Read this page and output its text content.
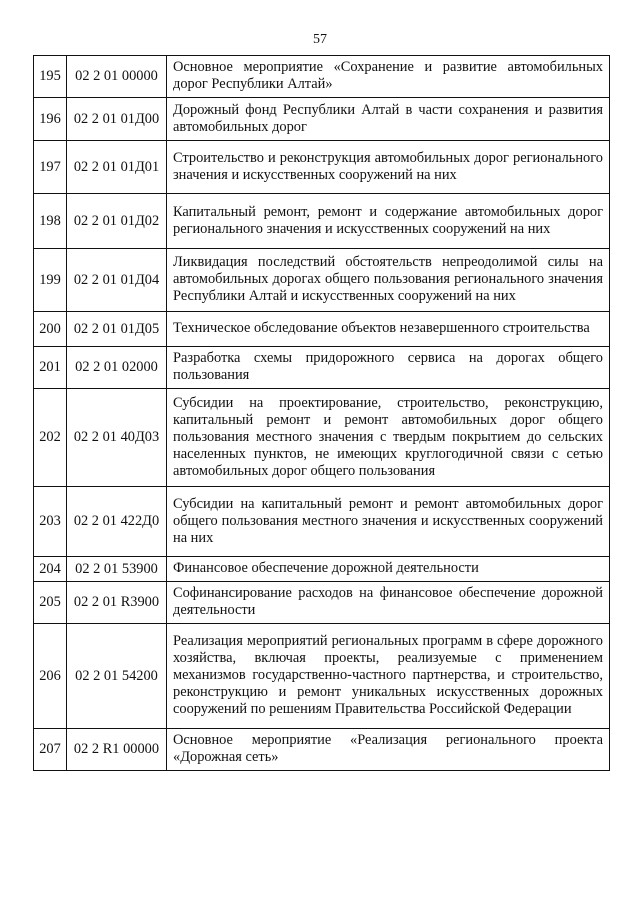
57
195	02 2 01 00000	Основное мероприятие «Сохранение и развитие автомобильных дорог Республики Алтай»
196	02 2 01 01Д00	Дорожный фонд Республики Алтай в части сохранения и развития автомобильных дорог
197	02 2 01 01Д01	Строительство и реконструкция автомобильных дорог регионального значения и искусственных сооружений на них
198	02 2 01 01Д02	Капитальный ремонт, ремонт и содержание автомобильных дорог регионального значения и искусственных сооружений на них
199	02 2 01 01Д04	Ликвидация последствий обстоятельств непреодолимой силы на автомобильных дорогах общего пользования регионального значения Республики Алтай и искусственных сооружений на них
200	02 2 01 01Д05	Техническое обследование объектов незавершенного строительства
201	02 2 01 02000	Разработка схемы придорожного сервиса на дорогах общего пользования
202	02 2 01 40Д03	Субсидии на проектирование, строительство, реконструкцию, капитальный ремонт и ремонт автомобильных дорог общего пользования местного значения с твердым покрытием до сельских населенных пунктов, не имеющих круглогодичной связи с сетью автомобильных дорог общего пользования
203	02 2 01 422Д0	Субсидии на капитальный ремонт и ремонт автомобильных дорог общего пользования местного значения и искусственных сооружений на них
204	02 2 01 53900	Финансовое обеспечение дорожной деятельности
205	02 2 01 R3900	Софинансирование расходов на финансовое обеспечение дорожной деятельности
206	02 2 01 54200	Реализация мероприятий региональных программ в сфере дорожного хозяйства, включая проекты, реализуемые с применением механизмов государственно-частного партнерства, и строительство, реконструкцию и ремонт уникальных искусственных дорожных сооружений по решениям Правительства Российской Федерации
207	02 2 R1 00000	Основное мероприятие «Реализация регионального проекта «Дорожная сеть»
